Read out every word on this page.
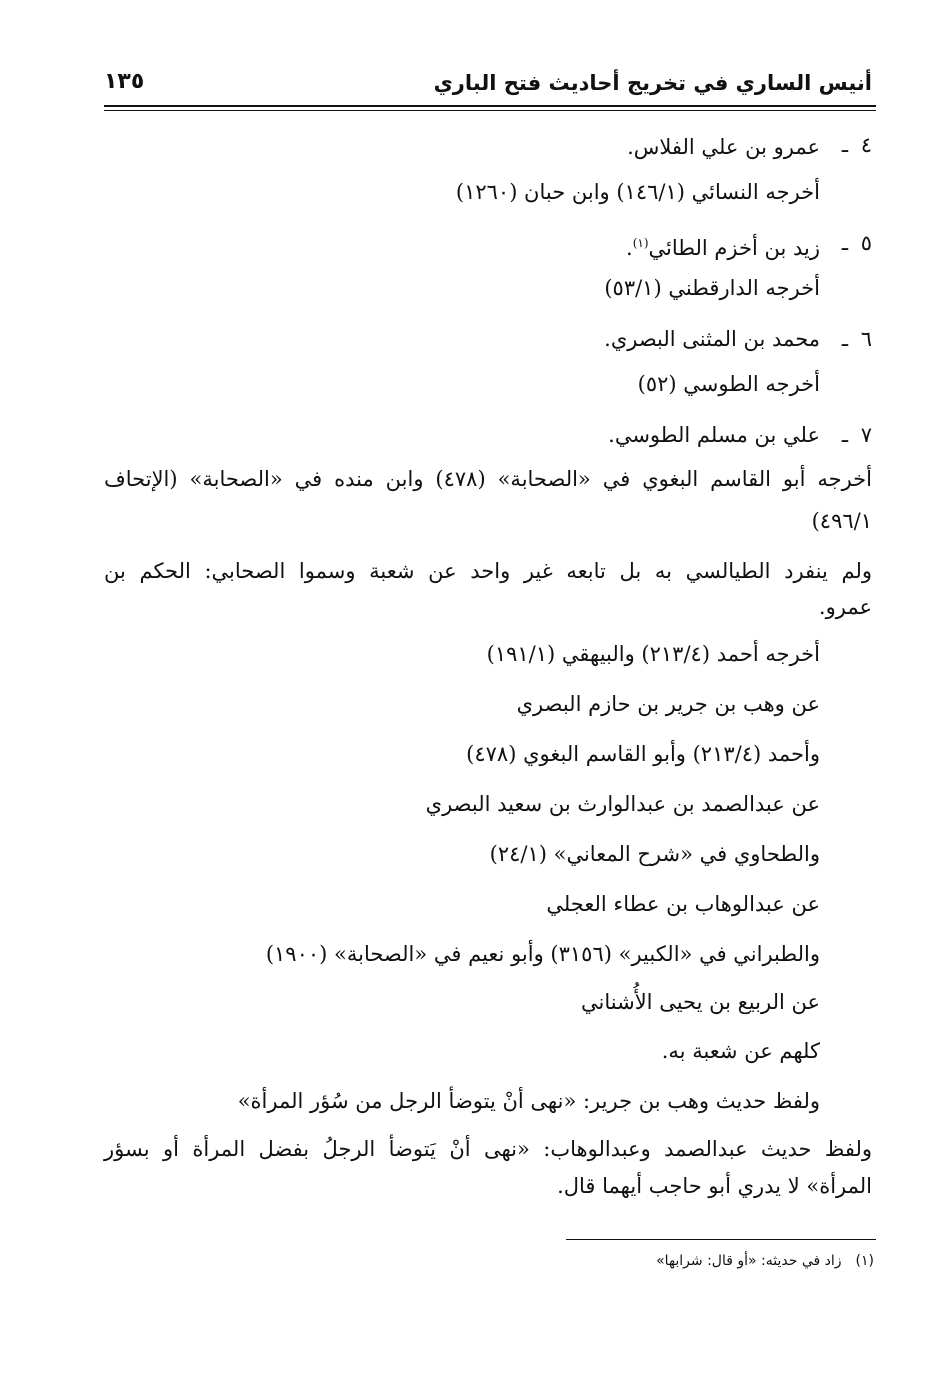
أنيس الساري في تخريج أحاديث فتح الباري
١٣٥
٤
ـ
عمرو بن علي الفلاس.
أخرجه النسائي (١٤٦/١) وابن حبان (١٢٦٠)
٥
ـ
زيد بن أخزم الطائي$^{(١)}$.
أخرجه الدارقطني (٥٣/١)
٦
ـ
محمد بن المثنى البصري.
أخرجه الطوسي (٥٢)
٧
ـ
علي بن مسلم الطوسي.
أخرجه أبو القاسم البغوي في «الصحابة» (٤٧٨) وابن منده في «الصحابة» (الإتحاف
٤٩٦/١)
ولم ينفرد الطيالسي به بل تابعه غير واحد عن شعبة وسموا الصحابي: الحكم بن
عمرو.
أخرجه أحمد (٢١٣/٤) والبيهقي (١٩١/١)
عن وهب بن جرير بن حازم البصري
وأحمد (٢١٣/٤) وأبو القاسم البغوي (٤٧٨)
عن عبدالصمد بن عبدالوارث بن سعيد البصري
والطحاوي في «شرح المعاني» (٢٤/١)
عن عبدالوهاب بن عطاء العجلي
والطبراني في «الكبير» (٣١٥٦) وأبو نعيم في «الصحابة» (١٩٠٠)
عن الربيع بن يحيى الأُشناني
كلهم عن شعبة به.
ولفظ حديث وهب بن جرير: «نهى أنْ يتوضأ الرجل من سُؤر المرأة»
ولفظ حديث عبدالصمد وعبدالوهاب: «نهى أنْ يَتوضأ الرجلُ بفضل المرأة أو بسؤر
المرأة» لا يدري أبو حاجب أيهما قال.
(١)زاد في حديثه: «أو قال: شرابها»
